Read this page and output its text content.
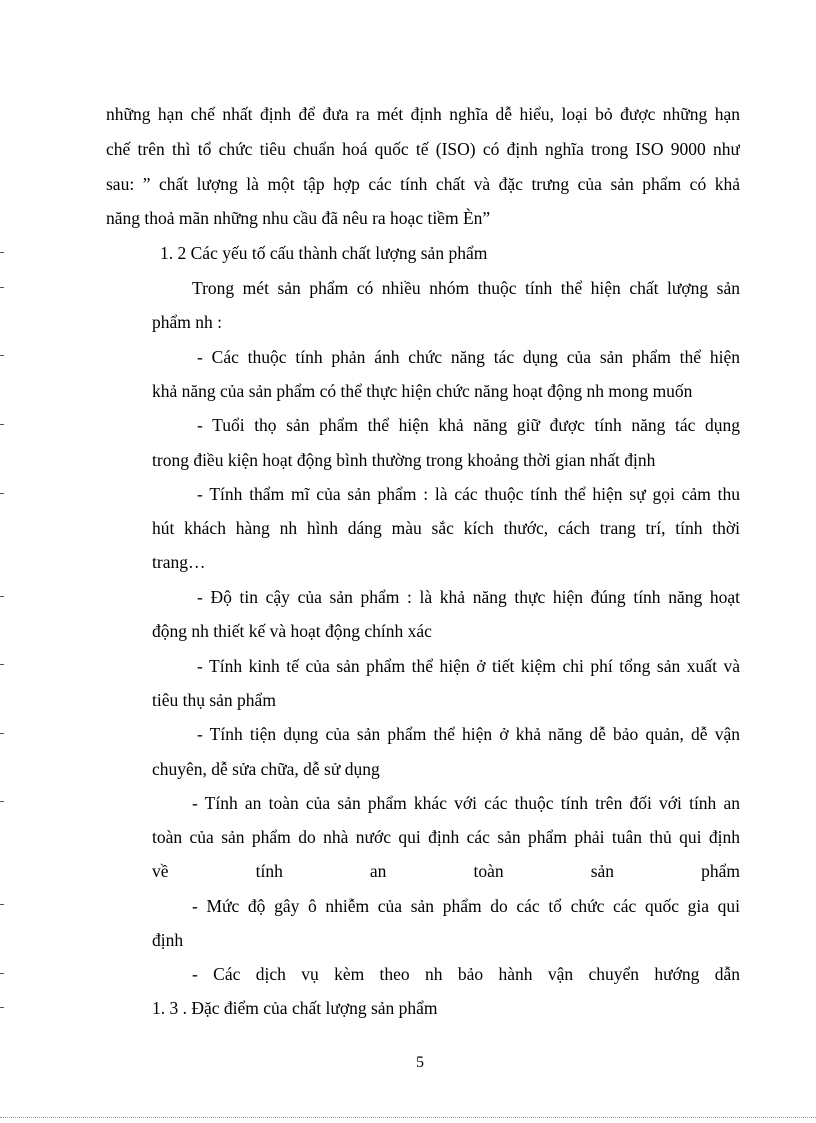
những hạn chế nhất định để đưa ra mét định nghĩa dễ hiểu, loại bỏ được những hạn

chế trên thì tổ chức tiêu chuẩn hoá quốc tế (ISO) có định nghĩa trong ISO 9000 như

sau: ” chất lượng là một tập hợp các tính chất và đặc trưng của sản phẩm có khả

năng thoả mãn những nhu cầu đã nêu ra hoạc tiềm Èn”

1. 2 Các yếu tố cấu thành chất lượng sản phẩm

Trong mét sản phẩm có nhiều nhóm thuộc tính thể hiện chất lượng sản

phẩm nh :

- Các thuộc tính phản ánh chức năng tác dụng của sản phẩm thể hiện

khả năng của sản phẩm có thể thực hiện chức năng hoạt động nh mong muốn

- Tuổi thọ sản phẩm thể hiện khả năng giữ được tính năng tác dụng

trong điều kiện hoạt động bình thường trong khoảng thời gian nhất định

- Tính thẩm mĩ của sản phẩm : là các thuộc tính thể hiện sự gọi cảm thu

hút khách hàng nh hình dáng màu sắc kích thước, cách trang trí, tính thời

trang…

- Độ tin cậy của sản phẩm : là khả năng thực hiện đúng tính năng hoạt

động nh thiết kế và hoạt động chính xác

- Tính kinh tế của sản phẩm thể hiện ở tiết kiệm chi phí tổng sản xuất và

tiêu thụ sản phẩm

- Tính tiện dụng của sản phẩm thể hiện ở khả năng dễ bảo quản, dễ vận

chuyên, dễ sửa chữa, dễ sử dụng

- Tính an toàn của sản phẩm khác với các thuộc tính trên đối với tính an

toàn của sản phẩm do nhà nước qui định các sản phẩm phải tuân thủ qui định

về tính an toàn sản phẩm

- Mức độ gây ô nhiễm của sản phẩm do các tổ chức các quốc gia qui

định

- Các dịch vụ kèm theo nh bảo hành vận chuyển hướng dẫn

1. 3 . Đặc điểm của chất lượng sản phẩm

5
